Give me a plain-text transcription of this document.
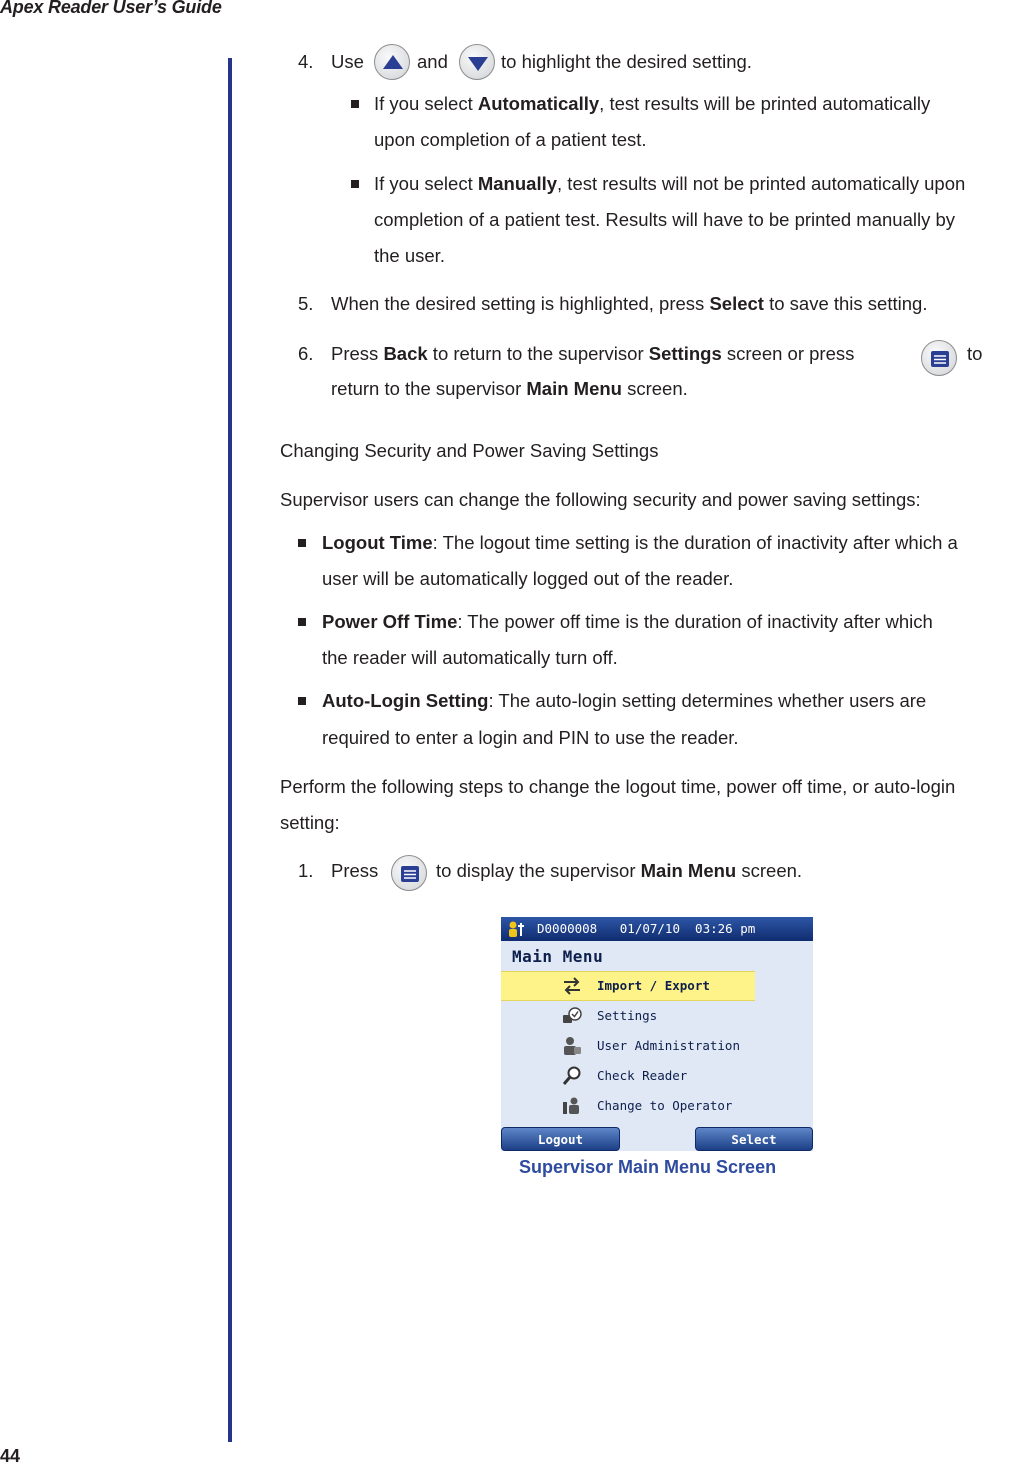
Apex Reader User’s Guide
4. Use	and	to highlight the desired setting.
If you select Automatically, test results will be printed automatically
upon completion of a patient test.
If you select Manually, test results will not be printed automatically upon
completion of a patient test. Results will have to be printed manually by
the user.
5. When the desired setting is highlighted, press Select to save this setting.
6. Press Back to return to the supervisor Settings screen or press	to
return to the supervisor Main Menu screen.
Changing Security and Power Saving Settings
Supervisor users can change the following security and power saving settings:
Logout Time: The logout time setting is the duration of inactivity after which a
user will be automatically logged out of the reader.
Power Off Time: The power off time is the duration of inactivity after which
the reader will automatically turn off.
Auto-Login Setting: The auto-login setting determines whether users are
required to enter a login and PIN to use the reader.
Perform the following steps to change the logout time, power off time, or auto-login
setting:
1. Press	to display the supervisor Main Menu screen.
D0000008   01/07/10  03:26 pm
Main Menu
Import / Export
Settings
User Administration
Check Reader
Change to Operator
Logout	Select
Supervisor Main Menu Screen
44
